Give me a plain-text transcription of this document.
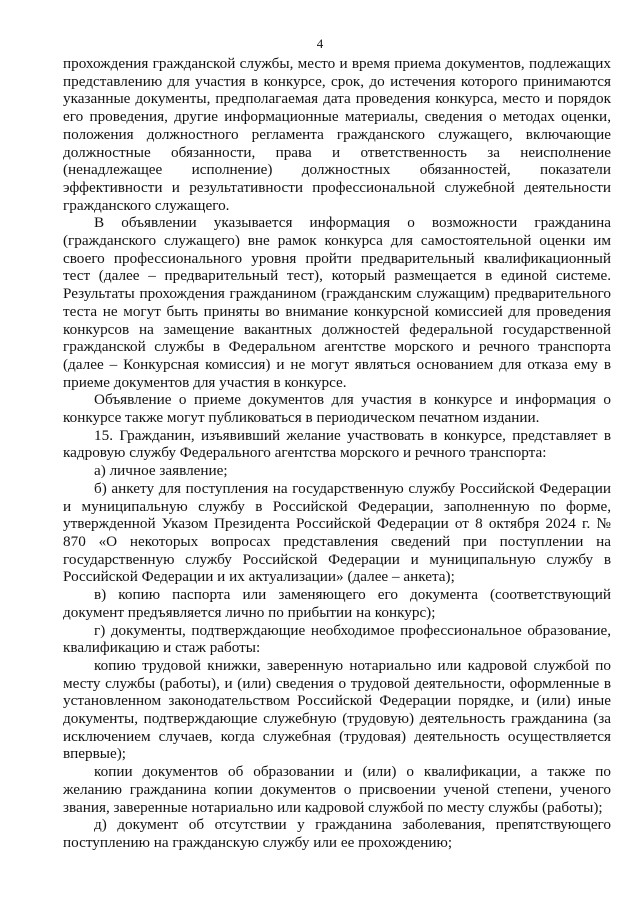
4

прохождения гражданской службы, место и время приема документов, подлежащих представлению для участия в конкурсе, срок, до истечения которого принимаются указанные документы, предполагаемая дата проведения конкурса, место и порядок его проведения, другие информационные материалы, сведения о методах оценки, положения должностного регламента гражданского служащего, включающие должностные обязанности, права и ответственность за неисполнение (ненадлежащее исполнение) должностных обязанностей, показатели эффективности и результативности профессиональной служебной деятельности гражданского служащего.

В объявлении указывается информация о возможности гражданина (гражданского служащего) вне рамок конкурса для самостоятельной оценки им своего профессионального уровня пройти предварительный квалификационный тест (далее – предварительный тест), который размещается в единой системе. Результаты прохождения гражданином (гражданским служащим) предварительного теста не могут быть приняты во внимание конкурсной комиссией для проведения конкурсов на замещение вакантных должностей федеральной государственной гражданской службы в Федеральном агентстве морского и речного транспорта (далее – Конкурсная комиссия) и не могут являться основанием для отказа ему в приеме документов для участия в конкурсе.

Объявление о приеме документов для участия в конкурсе и информация о конкурсе также могут публиковаться в периодическом печатном издании.

15. Гражданин, изъявивший желание участвовать в конкурсе, представляет в кадровую службу Федерального агентства морского и речного транспорта:

а) личное заявление;

б) анкету для поступления на государственную службу Российской Федерации и муниципальную службу в Российской Федерации, заполненную по форме, утвержденной Указом Президента Российской Федерации от 8 октября 2024 г. № 870 «О некоторых вопросах представления сведений при поступлении на государственную службу Российской Федерации и муниципальную службу в Российской Федерации и их актуализации» (далее – анкета);

в) копию паспорта или заменяющего его документа (соответствующий документ предъявляется лично по прибытии на конкурс);

г) документы, подтверждающие необходимое профессиональное образование, квалификацию и стаж работы:

копию трудовой книжки, заверенную нотариально или кадровой службой по месту службы (работы), и (или) сведения о трудовой деятельности, оформленные в установленном законодательством Российской Федерации порядке, и (или) иные документы, подтверждающие служебную (трудовую) деятельность гражданина (за исключением случаев, когда служебная (трудовая) деятельность осуществляется впервые);

копии документов об образовании и (или) о квалификации, а также по желанию гражданина копии документов о присвоении ученой степени, ученого звания, заверенные нотариально или кадровой службой по месту службы (работы);

д) документ об отсутствии у гражданина заболевания, препятствующего поступлению на гражданскую службу или ее прохождению;
